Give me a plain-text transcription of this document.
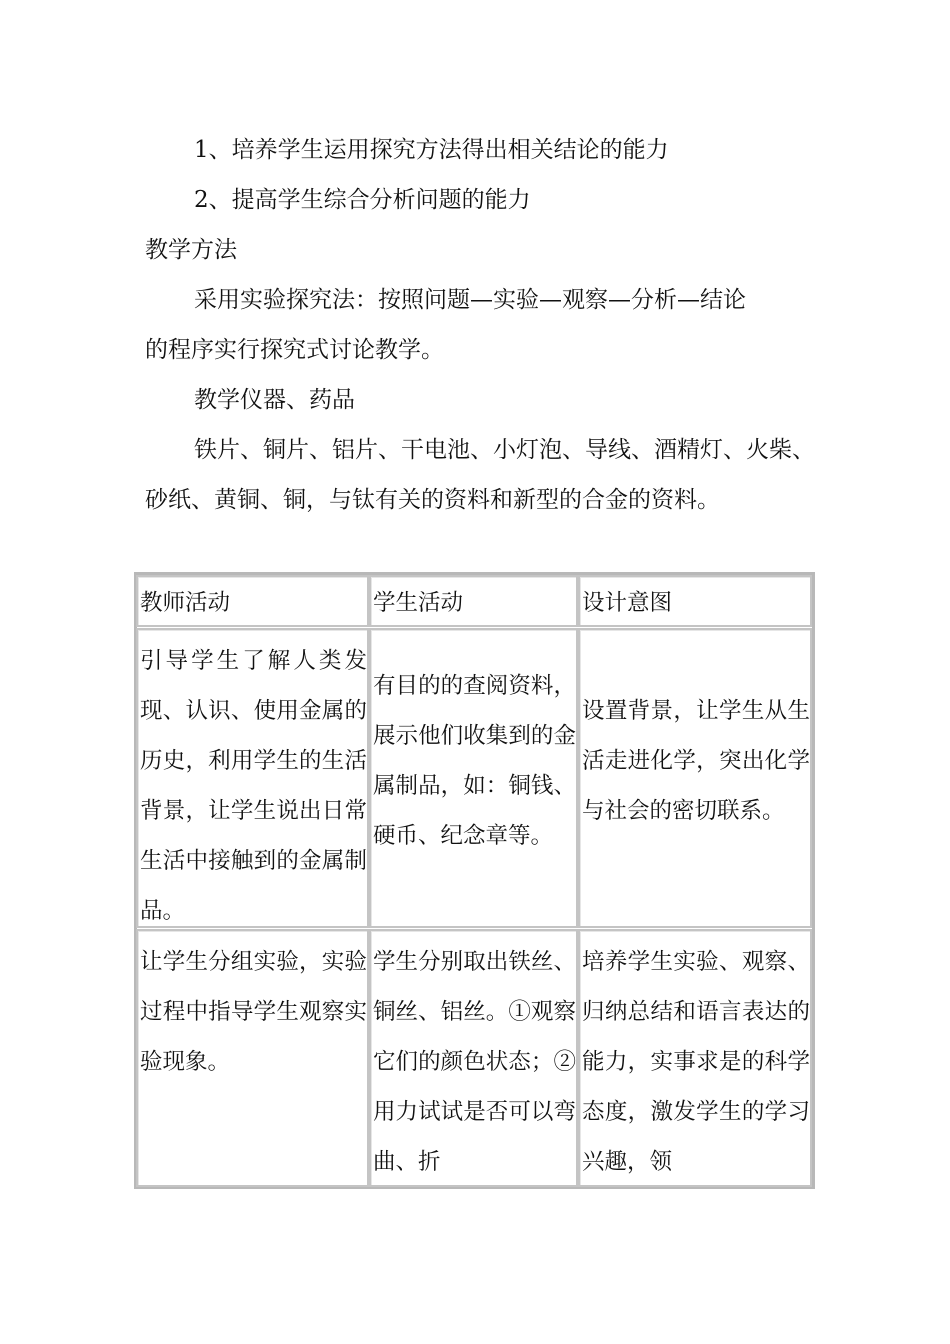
1、培养学生运用探究方法得出相关结论的能力

2、提高学生综合分析问题的能力

教学方法

采用实验探究法：按照问题—实验—观察—分析—结论

的程序实行探究式讨论教学。

教学仪器、药品

铁片、铜片、铝片、干电池、小灯泡、导线、酒精灯、火柴、

砂纸、黄铜、铜，与钛有关的资料和新型的合金的资料。

教师活动	学生活动	设计意图
引导学生了解人类发现、认识、使用金属的历史，利用学生的生活背景，让学生说出日常生活中接触到的金属制品。
有目的的查阅资料，展示他们收集到的金属制品，如：铜钱、硬币、纪念章等。
设置背景，让学生从生活走进化学，突出化学与社会的密切联系。
让学生分组实验，实验过程中指导学生观察实验现象。
学生分别取出铁丝、铜丝、铝丝。①观察它们的颜色状态；②用力试试是否可以弯曲、折
培养学生实验、观察、归纳总结和语言表达的能力，实事求是的科学态度，激发学生的学习兴趣，领
